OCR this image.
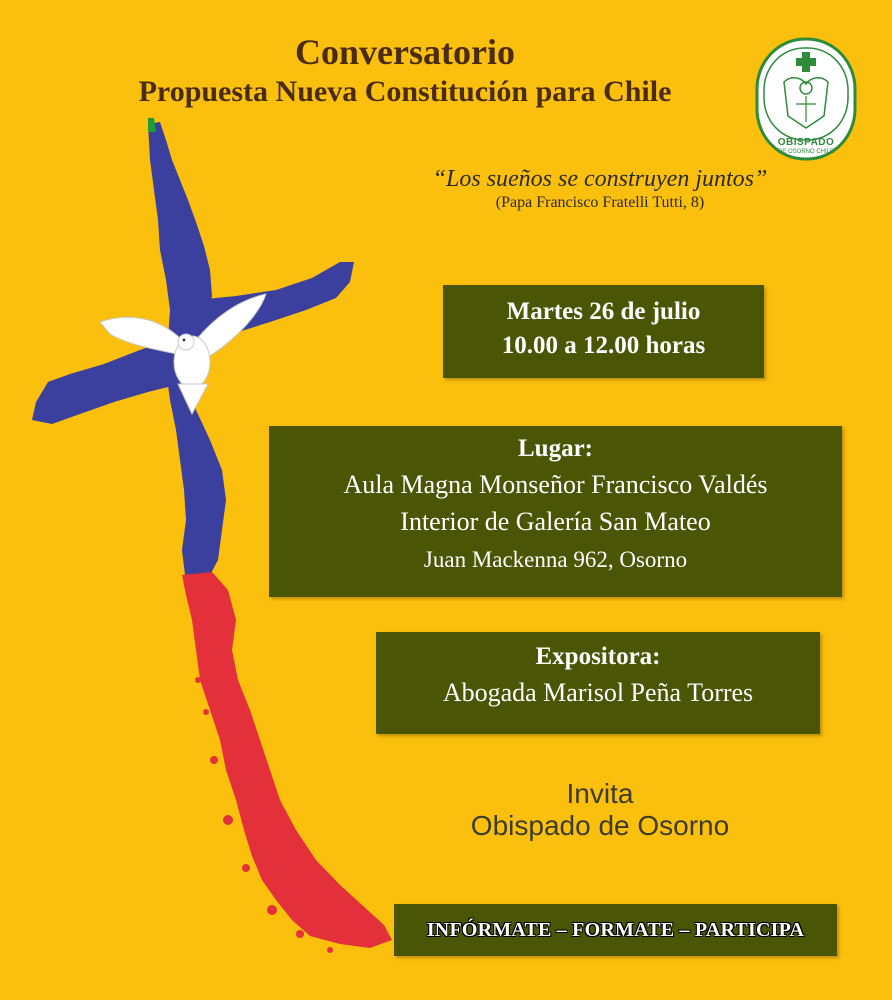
OBISPADO
DE OSORNO CHILE
Conversatorio
Propuesta Nueva Constitución para Chile
“Los sueños se construyen juntos”
(Papa Francisco Fratelli Tutti, 8)
Martes 26 de julio
10.00 a 12.00 horas
Lugar:
Aula Magna Monseñor Francisco Valdés
Interior de Galería San Mateo
Juan Mackenna 962, Osorno
Expositora:
Abogada Marisol Peña Torres
Invita
Obispado de Osorno
INFÓRMATE – FORMATE – PARTICIPA
